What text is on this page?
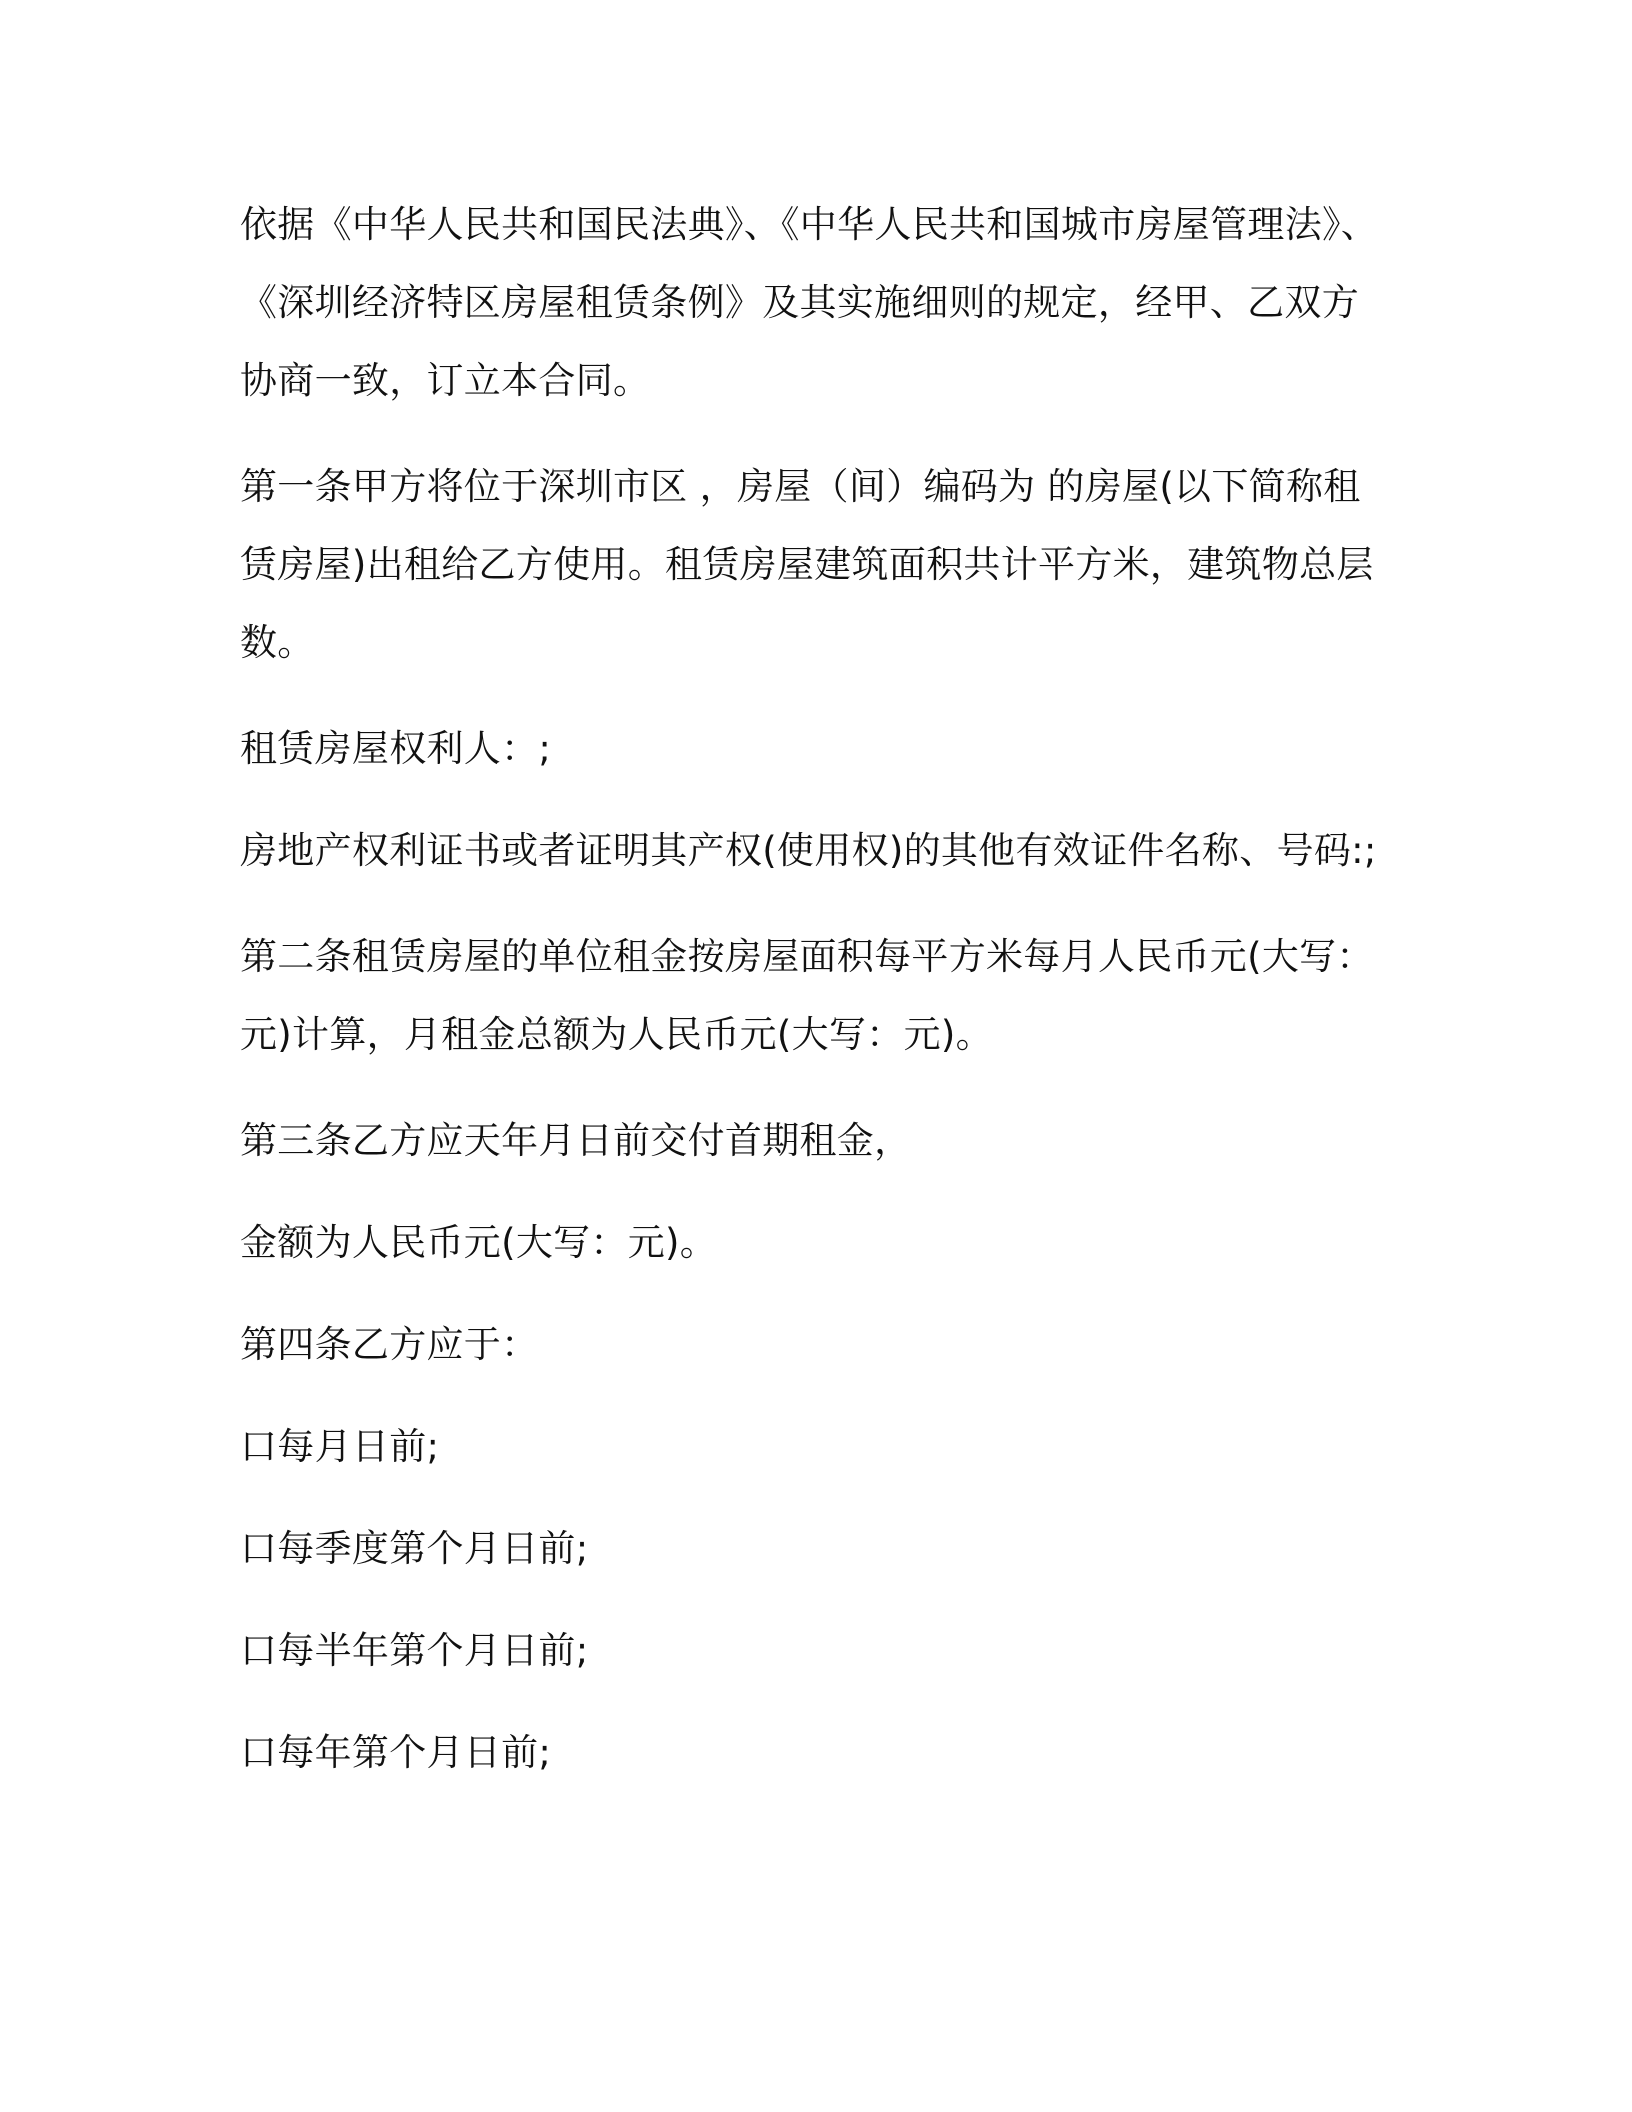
依据《中华人民共和国民法典》、《中华人民共和国城市房屋管理法》、《深圳经济特区房屋租赁条例》及其实施细则的规定，经甲、乙双方协商一致，订立本合同。

第一条甲方将位于深圳市区 ，房屋（间）编码为 的房屋(以下简称租赁房屋)出租给乙方使用。租赁房屋建筑面积共计平方米，建筑物总层数。

租赁房屋权利人：;

房地产权利证书或者证明其产权(使用权)的其他有效证件名称、号码:;

第二条租赁房屋的单位租金按房屋面积每平方米每月人民币元(大写：元)计算，月租金总额为人民币元(大写：元)。

第三条乙方应天年月日前交付首期租金，

金额为人民币元(大写：元)。

第四条乙方应于：

口每月日前;

口每季度第个月日前;

口每半年第个月日前;

口每年第个月日前;
